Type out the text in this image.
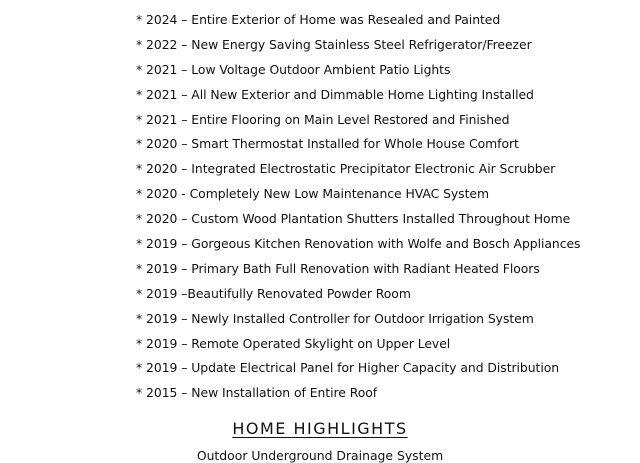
* 2024 – Entire Exterior of Home was Resealed and Painted
* 2022 – New Energy Saving Stainless Steel Refrigerator/Freezer
* 2021 – Low Voltage Outdoor Ambient Patio Lights
* 2021 – All New Exterior and Dimmable Home Lighting Installed
* 2021 – Entire Flooring on Main Level Restored and Finished
* 2020 – Smart Thermostat Installed for Whole House Comfort
* 2020 – Integrated Electrostatic Precipitator Electronic Air Scrubber
* 2020 - Completely New Low Maintenance HVAC System
* 2020 – Custom Wood Plantation Shutters Installed Throughout Home
* 2019 – Gorgeous Kitchen Renovation with Wolfe and Bosch Appliances
* 2019 – Primary Bath Full Renovation with Radiant Heated Floors
* 2019 –Beautifully Renovated Powder Room
* 2019 – Newly Installed Controller for Outdoor Irrigation System
* 2019 – Remote Operated Skylight on Upper Level
* 2019 – Update Electrical Panel for Higher Capacity and Distribution
* 2015 – New Installation of Entire Roof
HOME HIGHLIGHTS
Outdoor Underground Drainage System
